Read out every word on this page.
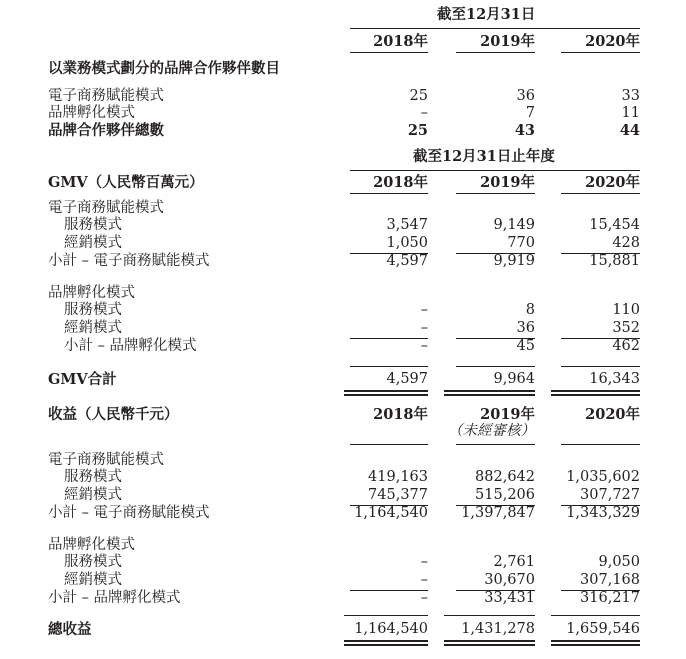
截至12月31日
2018年	2019年	2020年
以業務模式劃分的品牌合作夥伴數目
電子商務賦能模式	25	36	33
品牌孵化模式	–	7	11
品牌合作夥伴總數	25	43	44
截至12月31日止年度
GMV（人民幣百萬元）	2018年	2019年	2020年
電子商務賦能模式
服務模式	3,547	9,149	15,454
經銷模式	1,050	770	428
小計 – 電子商務賦能模式	4,597	9,919	15,881
品牌孵化模式
服務模式	–	8	110
經銷模式	–	36	352
小計 – 品牌孵化模式	–	45	462
GMV合計	4,597	9,964	16,343
收益（人民幣千元）	2018年	2019年	2020年
（未經審核）
電子商務賦能模式
服務模式	419,163	882,642 1,035,602
經銷模式	745,377	515,206	307,727
小計 – 電子商務賦能模式	1,164,540 1,397,847 1,343,329
品牌孵化模式
服務模式	–	2,761	9,050
經銷模式	–	30,670	307,168
小計 – 品牌孵化模式	–	33,431	316,217
總收益	1,164,540 1,431,278 1,659,546
